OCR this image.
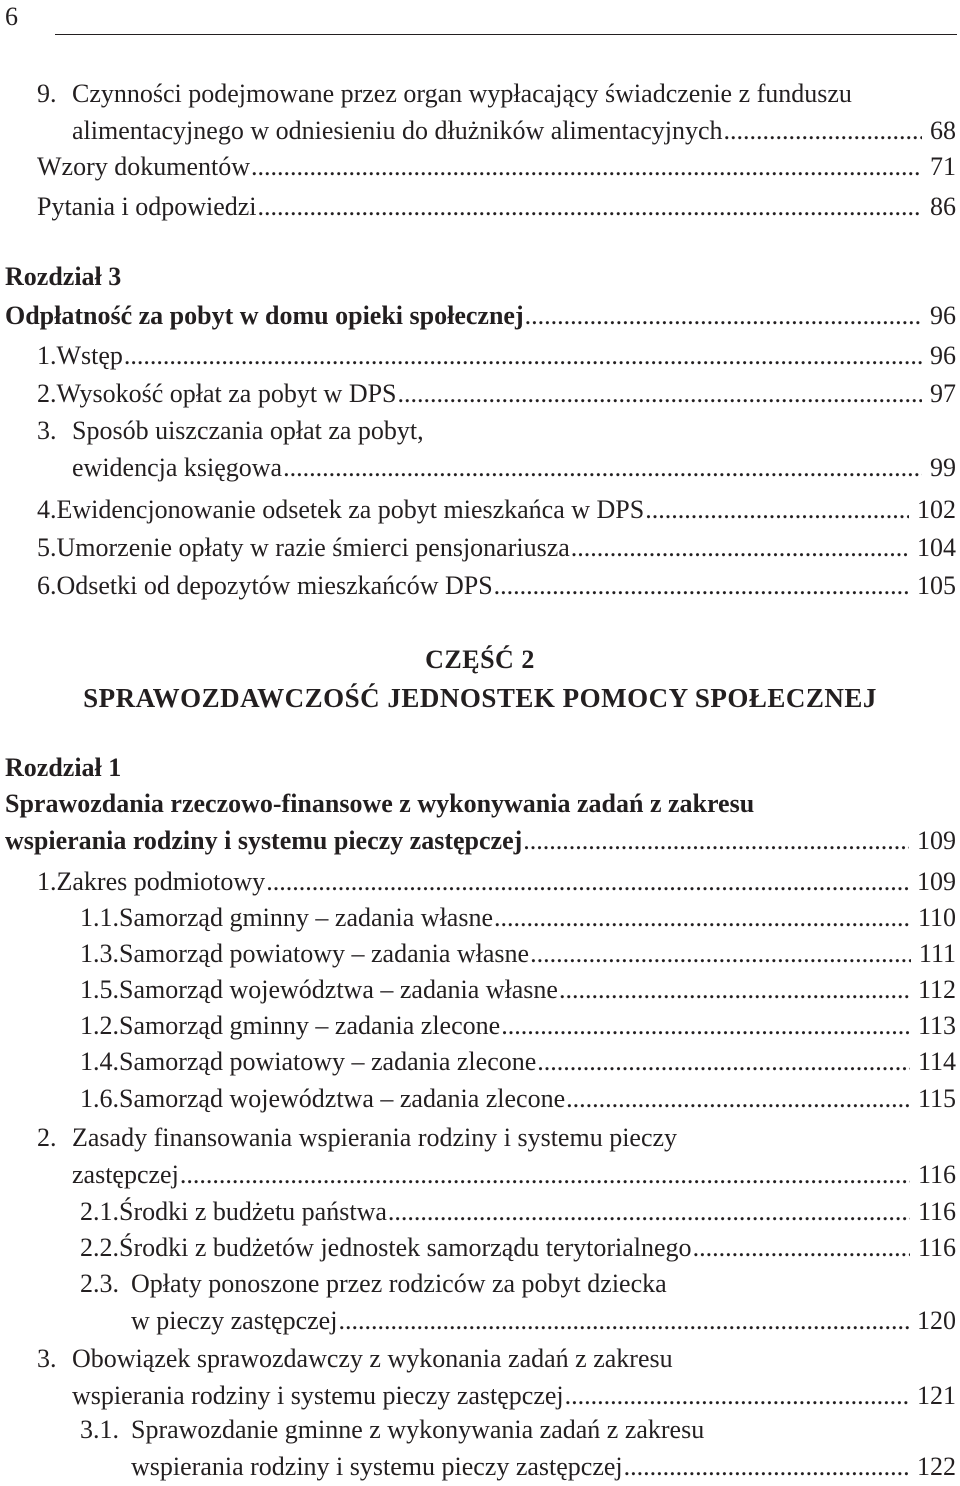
6
9. Czynności podejmowane przez organ wypłacający świadczenie z funduszu
alimentacyjnego w odniesieniu do dłużników alimentacyjnych .....	68
Wzory dokumentów .....	71
Pytania i odpowiedzi .....	86
Rozdział 3
Odpłatność za pobyt w domu opieki społecznej .....	96
1. Wstęp .....	96
2. Wysokość opłat za pobyt w DPS .....	97
3. Sposób uiszczania opłat za pobyt,
ewidencja księgowa .....	99
4. Ewidencjonowanie odsetek za pobyt mieszkańca w DPS .....	102
5. Umorzenie opłaty w razie śmierci pensjonariusza .....	104
6. Odsetki od depozytów mieszkańców DPS .....	105
CZĘŚĆ 2
SPRAWOZDAWCZOŚĆ JEDNOSTEK POMOCY SPOŁECZNEJ
Rozdział 1
Sprawozdania rzeczowo-finansowe z wykonywania zadań z zakresu
wspierania rodziny i systemu pieczy zastępczej .....	109
1. Zakres podmiotowy .....	109
1.1. Samorząd gminny – zadania własne .....	110
1.3. Samorząd powiatowy – zadania własne .....	111
1.5. Samorząd województwa – zadania własne .....	112
1.2. Samorząd gminny – zadania zlecone .....	113
1.4. Samorząd powiatowy – zadania zlecone .....	114
1.6. Samorząd województwa – zadania zlecone .....	115
2. Zasady finansowania wspierania rodziny i systemu pieczy
zastępczej .....	116
2.1. Środki z budżetu państwa .....	116
2.2. Środki z budżetów jednostek samorządu terytorialnego .....	116
2.3. Opłaty ponoszone przez rodziców za pobyt dziecka
w pieczy zastępczej .....	120
3. Obowiązek sprawozdawczy z wykonania zadań z zakresu
wspierania rodziny i systemu pieczy zastępczej .....	121
3.1. Sprawozdanie gminne z wykonywania zadań z zakresu
wspierania rodziny i systemu pieczy zastępczej .....	122
